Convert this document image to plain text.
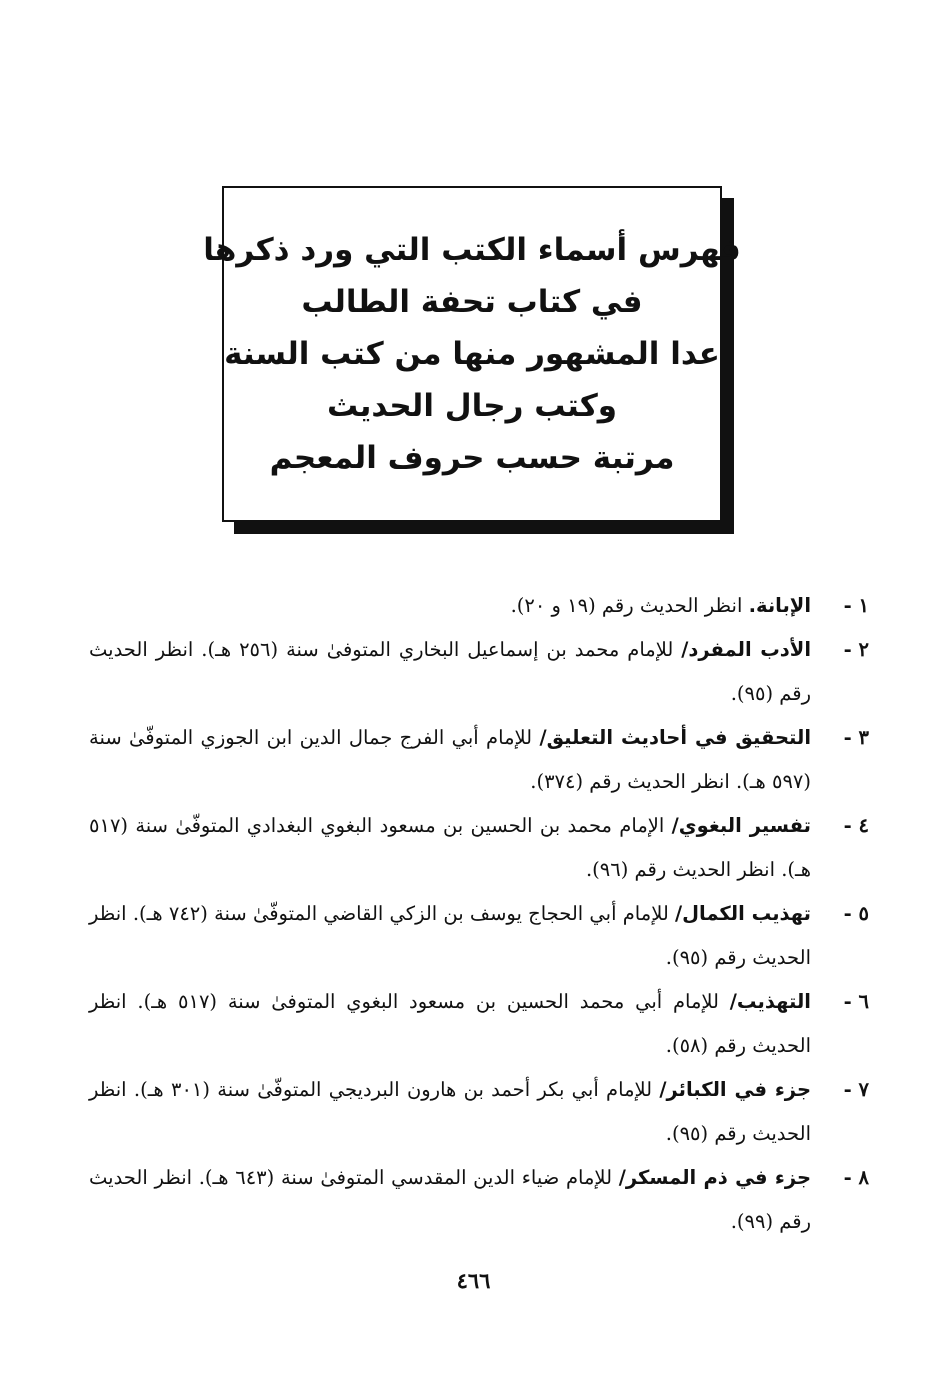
فهرس أسماء الكتب التي ورد ذكرها
في كتاب تحفة الطالب
عدا المشهور منها من كتب السنة
وكتب رجال الحديث
مرتبة حسب حروف المعجم
١ -
الإبانة. انظر الحديث رقم (١٩ و ٢٠).
٢ -
الأدب المفرد/ للإمام محمد بن إسماعيل البخاري المتوفىٰ سنة (٢٥٦ هـ). انظر الحديث رقم (٩٥).
٣ -
التحقيق في أحاديث التعليق/ للإمام أبي الفرج جمال الدين ابن الجوزي المتوفّىٰ سنة (٥٩٧ هـ). انظر الحديث رقم (٣٧٤).
٤ -
تفسير البغوي/ الإمام محمد بن الحسين بن مسعود البغوي البغدادي المتوفّىٰ سنة (٥١٧ هـ). انظر الحديث رقم (٩٦).
٥ -
تهذيب الكمال/ للإمام أبي الحجاج يوسف بن الزكي القاضي المتوفّىٰ سنة (٧٤٢ هـ). انظر الحديث رقم (٩٥).
٦ -
التهذيب/ للإمام أبي محمد الحسين بن مسعود البغوي المتوفىٰ سنة (٥١٧ هـ). انظر الحديث رقم (٥٨).
٧ -
جزء في الكبائر/ للإمام أبي بكر أحمد بن هارون البرديجي المتوفّىٰ سنة (٣٠١ هـ). انظر الحديث رقم (٩٥).
٨ -
جزء في ذم المسكر/ للإمام ضياء الدين المقدسي المتوفىٰ سنة (٦٤٣ هـ). انظر الحديث رقم (٩٩).
٤٦٦
